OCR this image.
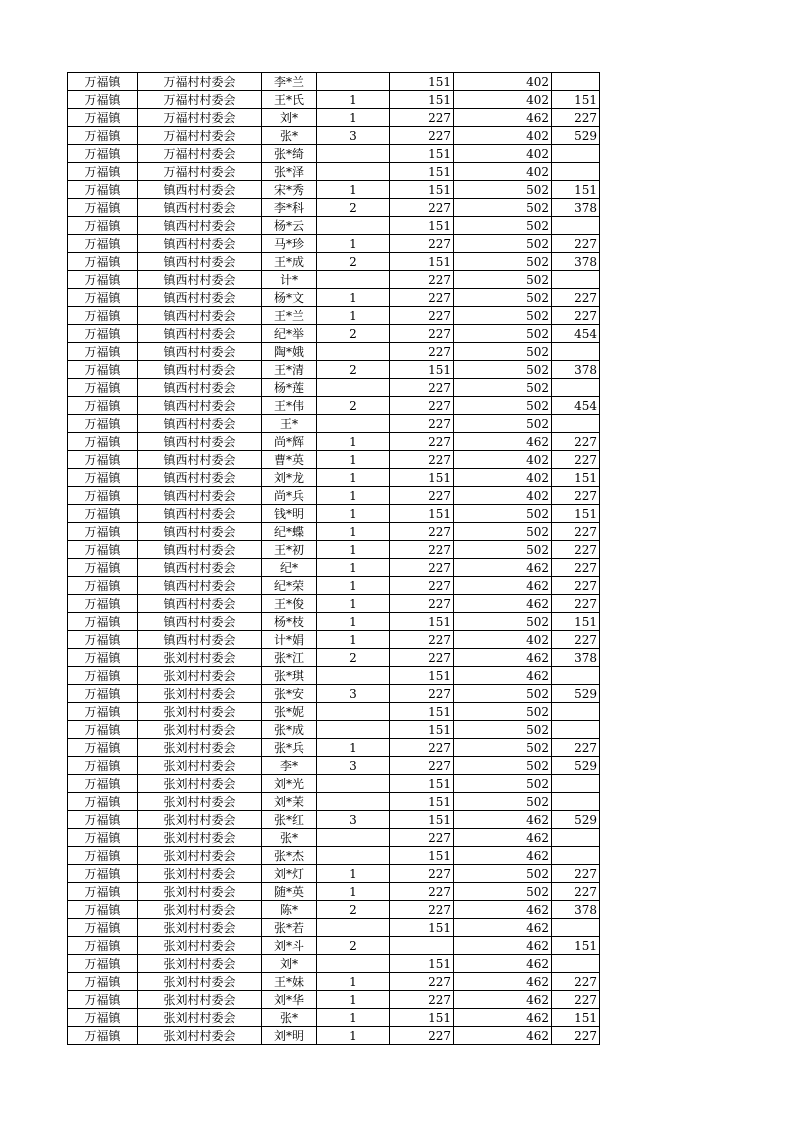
万福镇	万福村村委会	李*兰		151	402	
万福镇	万福村村委会	王*氏	1	151	402	151
万福镇	万福村村委会	刘*	1	227	462	227
万福镇	万福村村委会	张*	3	227	402	529
万福镇	万福村村委会	张*绮		151	402	
万福镇	万福村村委会	张*泽		151	402	
万福镇	镇西村村委会	宋*秀	1	151	502	151
万福镇	镇西村村委会	李*科	2	227	502	378
万福镇	镇西村村委会	杨*云		151	502	
万福镇	镇西村村委会	马*珍	1	227	502	227
万福镇	镇西村村委会	王*成	2	151	502	378
万福镇	镇西村村委会	计*		227	502	
万福镇	镇西村村委会	杨*文	1	227	502	227
万福镇	镇西村村委会	王*兰	1	227	502	227
万福镇	镇西村村委会	纪*举	2	227	502	454
万福镇	镇西村村委会	陶*娥		227	502	
万福镇	镇西村村委会	王*清	2	151	502	378
万福镇	镇西村村委会	杨*莲		227	502	
万福镇	镇西村村委会	王*伟	2	227	502	454
万福镇	镇西村村委会	王*		227	502	
万福镇	镇西村村委会	尚*辉	1	227	462	227
万福镇	镇西村村委会	曹*英	1	227	402	227
万福镇	镇西村村委会	刘*龙	1	151	402	151
万福镇	镇西村村委会	尚*兵	1	227	402	227
万福镇	镇西村村委会	钱*明	1	151	502	151
万福镇	镇西村村委会	纪*蝶	1	227	502	227
万福镇	镇西村村委会	王*初	1	227	502	227
万福镇	镇西村村委会	纪*	1	227	462	227
万福镇	镇西村村委会	纪*荣	1	227	462	227
万福镇	镇西村村委会	王*俊	1	227	462	227
万福镇	镇西村村委会	杨*枝	1	151	502	151
万福镇	镇西村村委会	计*娟	1	227	402	227
万福镇	张刘村村委会	张*江	2	227	462	378
万福镇	张刘村村委会	张*琪		151	462	
万福镇	张刘村村委会	张*安	3	227	502	529
万福镇	张刘村村委会	张*妮		151	502	
万福镇	张刘村村委会	张*成		151	502	
万福镇	张刘村村委会	张*兵	1	227	502	227
万福镇	张刘村村委会	李*	3	227	502	529
万福镇	张刘村村委会	刘*光		151	502	
万福镇	张刘村村委会	刘*茉		151	502	
万福镇	张刘村村委会	张*红	3	151	462	529
万福镇	张刘村村委会	张*		227	462	
万福镇	张刘村村委会	张*杰		151	462	
万福镇	张刘村村委会	刘*灯	1	227	502	227
万福镇	张刘村村委会	随*英	1	227	502	227
万福镇	张刘村村委会	陈*	2	227	462	378
万福镇	张刘村村委会	张*若		151	462	
万福镇	张刘村村委会	刘*斗	2		462	151
万福镇	张刘村村委会	刘*		151	462	
万福镇	张刘村村委会	王*妹	1	227	462	227
万福镇	张刘村村委会	刘*华	1	227	462	227
万福镇	张刘村村委会	张*	1	151	462	151
万福镇	张刘村村委会	刘*明	1	227	462	227
